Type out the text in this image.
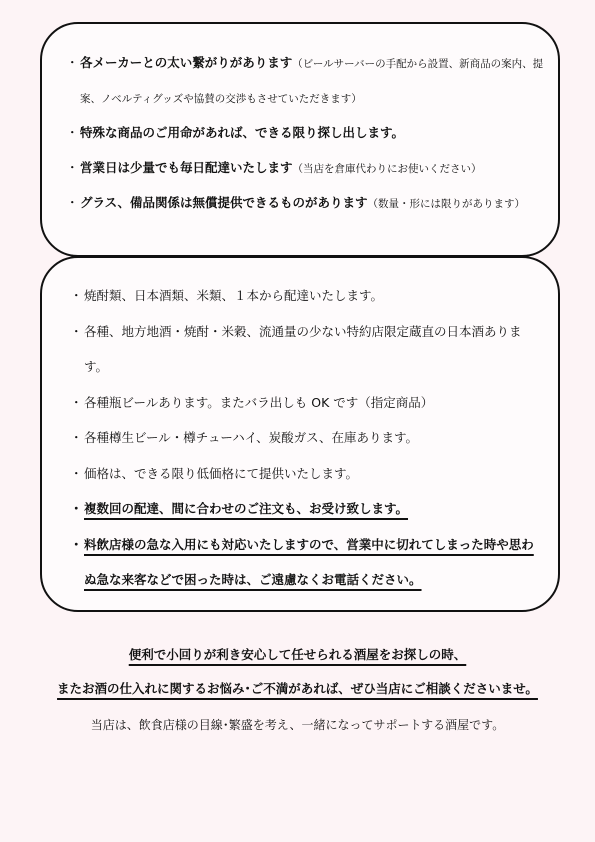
・ 各メーカーとの太い繋がりがあります（ビールサーバーの手配から設置、新商品の案内、提案、ノベルティグッズや協賛の交渉もさせていただきます）
・ 特殊な商品のご用命があれば、できる限り探し出します。
・ 営業日は少量でも毎日配達いたします（当店を倉庫代わりにお使いください）
・ グラス、備品関係は無償提供できるものがあります（数量・形には限りがあります）
・ 焼酎類、日本酒類、米類、１本から配達いたします。
・ 各種、地方地酒・焼酎・米穀、流通量の少ない特約店限定蔵直の日本酒あります。
・ 各種瓶ビールあります。またバラ出しも OK です（指定商品）
・ 各種樽生ビール・樽チューハイ、炭酸ガス、在庫あります。
・ 価格は、できる限り低価格にて提供いたします。
・ 複数回の配達、間に合わせのご注文も、お受け致します。
・ 料飲店様の急な入用にも対応いたしますので、営業中に切れてしまった時や思わぬ急な来客などで困った時は、ご遠慮なくお電話ください。
便利で小回りが利き安心して任せられる酒屋をお探しの時、
またお酒の仕入れに関するお悩み･ご不満があれば、ぜひ当店にご相談くださいませ。
当店は、飲食店様の目線･繁盛を考え、一緒になってサポートする酒屋です。
